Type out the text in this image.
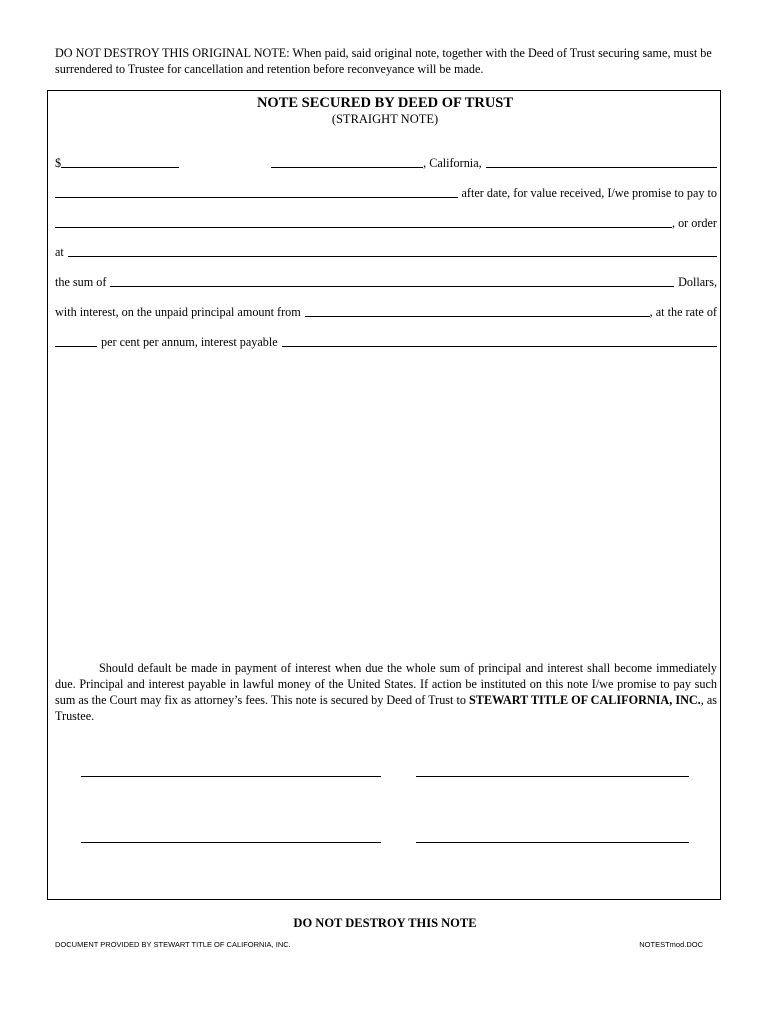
DO NOT DESTROY THIS ORIGINAL NOTE: When paid, said original note, together with the Deed of Trust securing same, must be surrendered to Trustee for cancellation and retention before reconveyance will be made.
NOTE SECURED BY DEED OF TRUST
(STRAIGHT NOTE)
$	, California,
after date, for value received, I/we promise to pay to
, or order
at
the sum of	Dollars,
with interest, on the unpaid principal amount from	, at the rate of
per cent per annum, interest payable
Should default be made in payment of interest when due the whole sum of principal and interest shall become immediately due. Principal and interest payable in lawful money of the United States. If action be instituted on this note I/we promise to pay such sum as the Court may fix as attorney’s fees. This note is secured by Deed of Trust to STEWART TITLE OF CALIFORNIA, INC., as Trustee.
DO NOT DESTROY THIS NOTE
DOCUMENT PROVIDED BY STEWART TITLE OF CALIFORNIA, INC.	NOTESTmod.DOC
